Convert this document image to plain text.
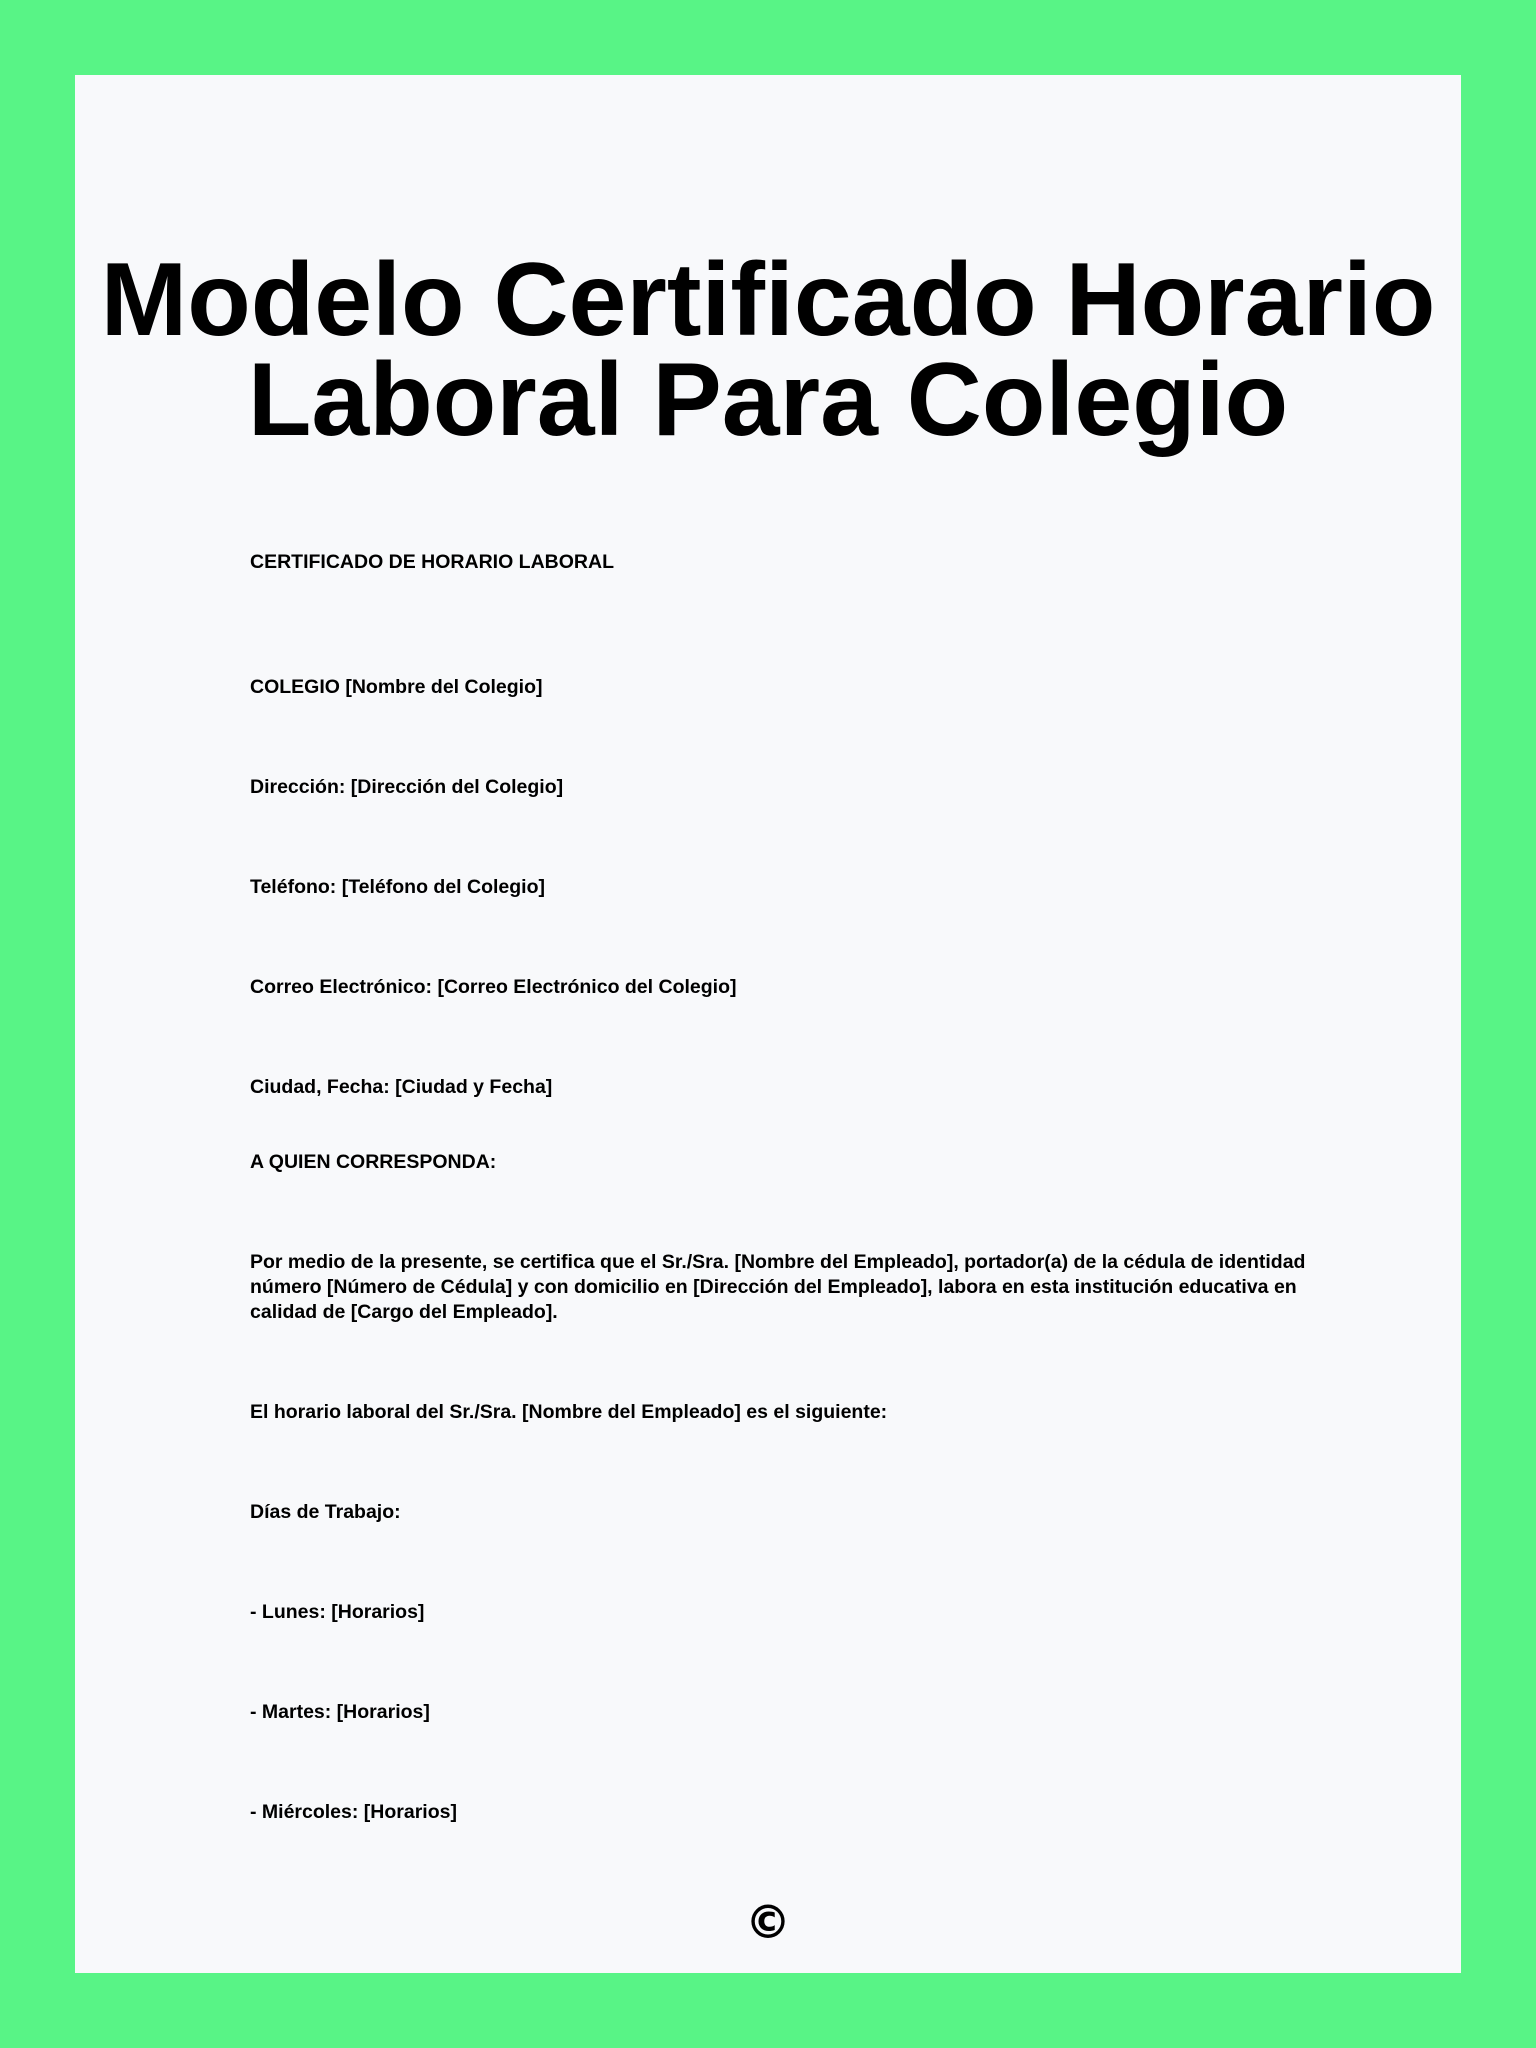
Modelo Certificado Horario
Laboral Para Colegio

CERTIFICADO DE HORARIO LABORAL

COLEGIO [Nombre del Colegio]

Dirección: [Dirección del Colegio]

Teléfono: [Teléfono del Colegio]

Correo Electrónico: [Correo Electrónico del Colegio]

Ciudad, Fecha: [Ciudad y Fecha]

A QUIEN CORRESPONDA:

Por medio de la presente, se certifica que el Sr./Sra. [Nombre del Empleado], portador(a) de la cédula de identidad número [Número de Cédula] y con domicilio en [Dirección del Empleado], labora en esta institución educativa en calidad de [Cargo del Empleado].

El horario laboral del Sr./Sra. [Nombre del Empleado] es el siguiente:

Días de Trabajo:

- Lunes: [Horarios]

- Martes: [Horarios]

- Miércoles: [Horarios]

©
